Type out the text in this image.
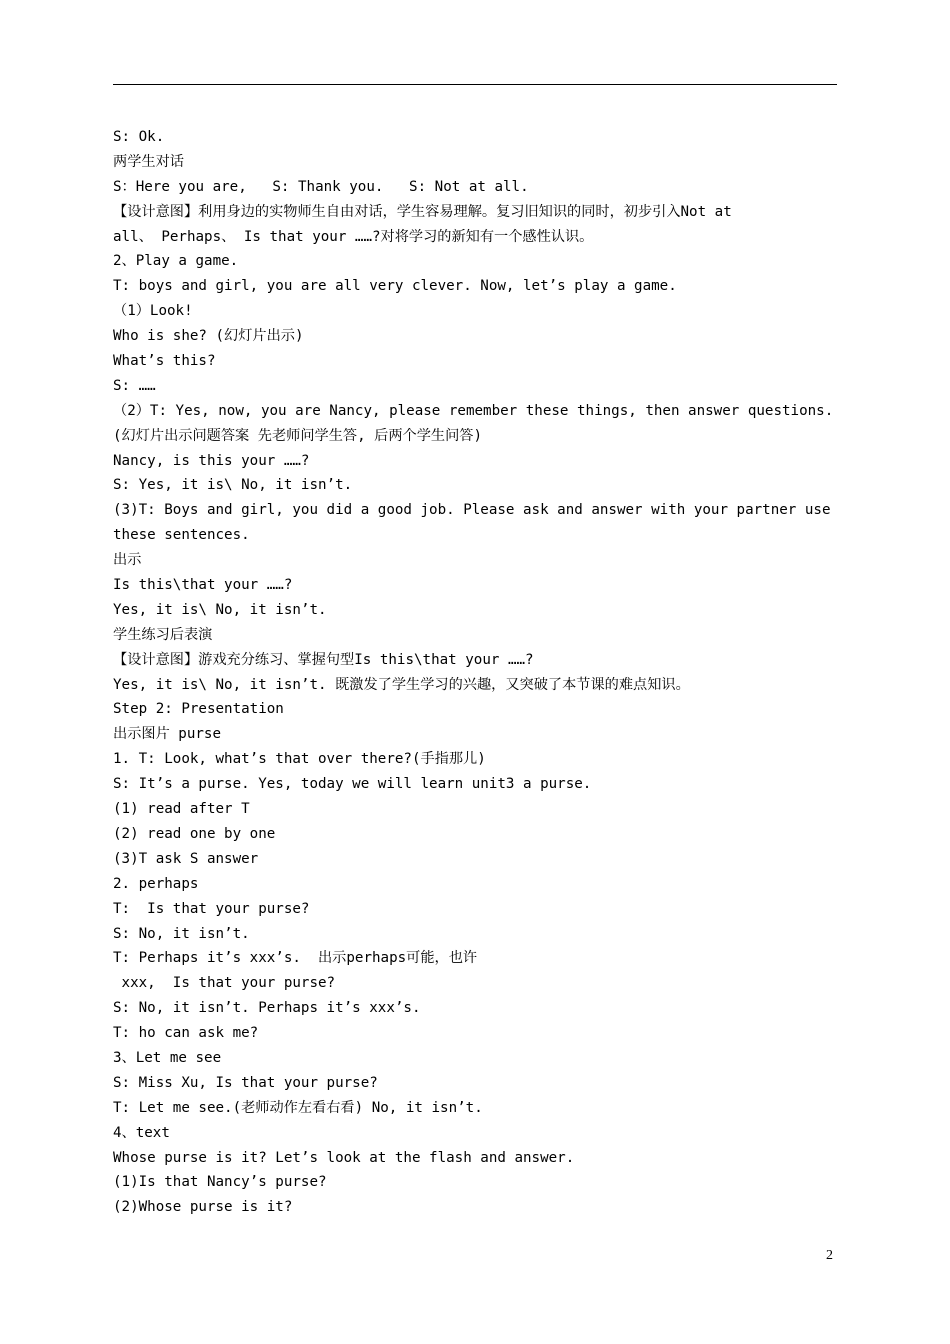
S: Ok.
两学生对话
S：Here you are,   S: Thank you.   S: Not at all.
【设计意图】利用身边的实物师生自由对话，学生容易理解。复习旧知识的同时，初步引入Not at
all、 Perhaps、 Is that your ……?对将学习的新知有一个感性认识。
2、Play a game.
T: boys and girl, you are all very clever. Now, let’s play a game.
（1）Look!
Who is she? (幻灯片出示)
What’s this?
S: ……
（2）T: Yes, now, you are Nancy, please remember these things, then answer questions.
(幻灯片出示问题答案 先老师问学生答, 后两个学生问答)
Nancy, is this your ……?
S: Yes, it is\ No, it isn’t.
(3)T: Boys and girl, you did a good job. Please ask and answer with your partner use
these sentences.
出示
Is this\that your ……?
Yes, it is\ No, it isn’t.
学生练习后表演
【设计意图】游戏充分练习、掌握句型Is this\that your ……?
Yes, it is\ No, it isn’t. 既激发了学生学习的兴趣，又突破了本节课的难点知识。
Step 2: Presentation
出示图片 purse
1. T: Look, what’s that over there?(手指那儿)
S: It’s a purse. Yes, today we will learn unit3 a purse.
(1) read after T
(2) read one by one
(3)T ask S answer
2. perhaps
T:  Is that your purse?
S: No, it isn’t.
T: Perhaps it’s xxx’s.  出示perhaps可能，也许
xxx,  Is that your purse?
S: No, it isn’t. Perhaps it’s xxx’s.
T: ho can ask me?
3、Let me see
S: Miss Xu, Is that your purse?
T: Let me see.(老师动作左看右看) No, it isn’t.
4、text
Whose purse is it? Let’s look at the flash and answer.
(1)Is that Nancy’s purse?
(2)Whose purse is it?
2
